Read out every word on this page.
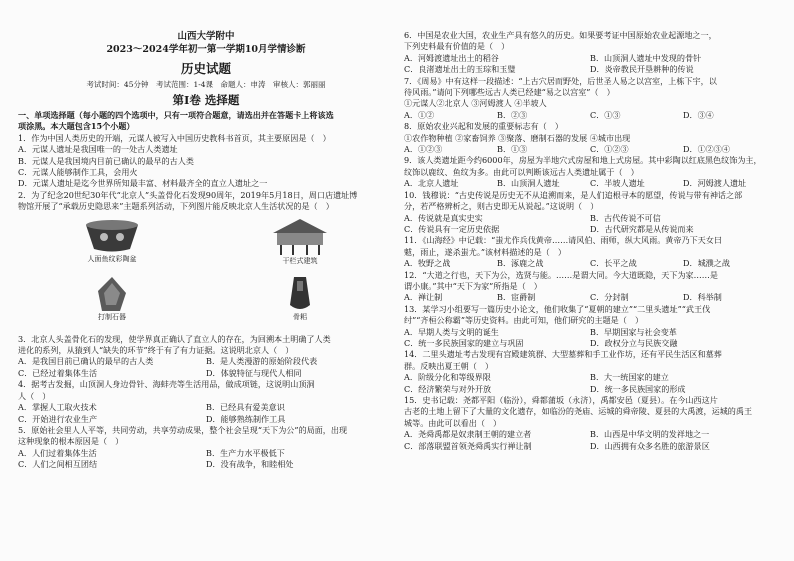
山西大学附中
2023～2024学年初一第一学期10月学情诊断
历史试题
考试时间：45分钟　考试范围：1-4课　命题人：申涛　审核人：郭丽丽
第Ⅰ卷 选择题

一、单项选择题（每小题的四个选项中，只有一项符合题意，请选出并在答题卡上将该选

项涂黑。本大题包含15个小题）

1．作为中国人类历史的开端，元谋人被写入中国历史教科书首页，其主要原因是（　）

A．元谋人遗址是我国唯一的一处古人类遗址

B．元谋人是我国境内目前已确认的最早的古人类

C．元谋人能够制作工具，会用火

D．元谋人遗址是迄今世界所知最丰富、材料最齐全的直立人遗址之一

2．为了纪念20世纪30年代“北京人”头盖骨化石发现90周年，2019年5月18日，周口店遗址博

物馆开展了“承载历史隐思来”主题系列活动，下列图片能反映北京人生活状况的是（　）

人面鱼纹彩陶盆	干栏式建筑
打制石器	骨耜

3．北京人头盖骨化石的发现，使学界真正确认了直立人的存在，为回溯本土明确了人类

进化的系列，从猿到人“缺失的环节”终于有了有力证据。这说明北京人（　）

A．是我国目前已确认的最早的古人类	B．是人类漫游的原始阶段代表
C．已经过着集体生活	D．体貌特征与现代人相同

4．据考古发掘，山顶洞人身边骨针、海蚌壳等生活用品，做成项链，这说明山顶洞

人（　）

A．掌握人工取火技术	B．已经具有爱美意识
C．开始进行农业生产	D．能够熟练制作工具

5．原始社会里人人平等，共同劳动，共享劳动成果，整个社会呈现“天下为公”的局面，出现

这种现象的根本原因是（　）

A．人们过着集体生活	B．生产力水平极低下
C．人们之间相互团结	D．没有战争，和睦相处

6．中国是农业大国，农业生产具有悠久的历史。如果要考证中国原始农业起源地之一，

下列史料最有价值的是（　）

A．河姆渡遗址出土的稻谷	B．山顶洞人遗址中发现的骨针
C．良渚遗址出土的玉琮和玉璧	D．炎帝教民开垦耕种的传说

7．《周易》中有这样一段描述：“上古穴居而野处，后世圣人易之以宫室，上栋下宇，以

待风雨。”请问下列哪些远古人类已经建“易之以宫室”（　）

①元谋人②北京人 ③河姆渡人 ④半坡人

A．①②	B．②③	C．①③	D．③④

8．原始农业兴起和发展的重要标志有（　）

①农作物种植 ②家畜饲养 ③聚落、磨制石器的发展 ④城市出现

A．①②③	B．①③	C．①②③	D．①②③④

9．该人类遗址距今约6000年，房屋为半地穴式房屋和地上式房屋。其中彩陶以红底黑色纹饰为主，

纹饰以鹿纹、鱼纹为多。由此可以判断该远古人类遗址属于（　）

A．北京人遗址	B．山顶洞人遗址	C．半坡人遗址	D．河姆渡人遗址

10．钱穆说：“古史传说是历史无不从追溯而来，是人们追根寻本的愿望，传说与带有神话之部

分，若严格辨析之，则古史即无从说起。”这说明（　）

A．传说就是真实史实	B．古代传说不可信
C．传说具有一定历史依据	D．古代研究都是从传说而来

11．《山海经》中记载：“蚩尤作兵伐黄帝……请风伯、雨师，纵大风雨。黄帝乃下天女曰

魃，雨止，遂杀蚩尤。”该材料描述的是（　）

A．牧野之战	B．涿鹿之战	C．长平之战	D．城濮之战

12．“大道之行也，天下为公，选贤与能。……是谓大同。今大道既隐，天下为家……是

谓小康。”其中“天下为家”所指是（　）

A．禅让制	B．宦爵制	C．分封制	D．科举制

13．某学习小组要写一篇历史小论文，他们收集了“夏朝的建立”“二里头遗址”“武王伐

纣”“齐桓公称霸”等历史资料。由此可知，他们研究的主题是（　）

A．早期人类与文明的诞生	B．早期国家与社会变革
C．统一多民族国家的建立与巩固	D．政权分立与民族交融

14．二里头遗址考古发现有宫殿建筑群、大型墓葬和手工业作坊，还有平民生活区和墓葬

群。反映出夏王朝（　）

A．阶级分化和等级界限	B．大一统国家的建立
C．经济繁荣与对外开放	D．统一多民族国家的形成

15．史书记载：尧都平阳（临汾），舜都蒲坂（永济），禹都安邑（夏县）。在今山西这片

古老的土地上留下了大量的文化遗存，如临汾的尧庙、运城的舜帝陵、夏县的大禹渡，运城的禹王

城等。由此可以看出（　）

A．尧舜禹都是奴隶制王朝的建立者	B．山西是中华文明的发祥地之一
C．部落联盟首领尧舜禹实行禅让制	D．山西拥有众多名胜的旅游景区
